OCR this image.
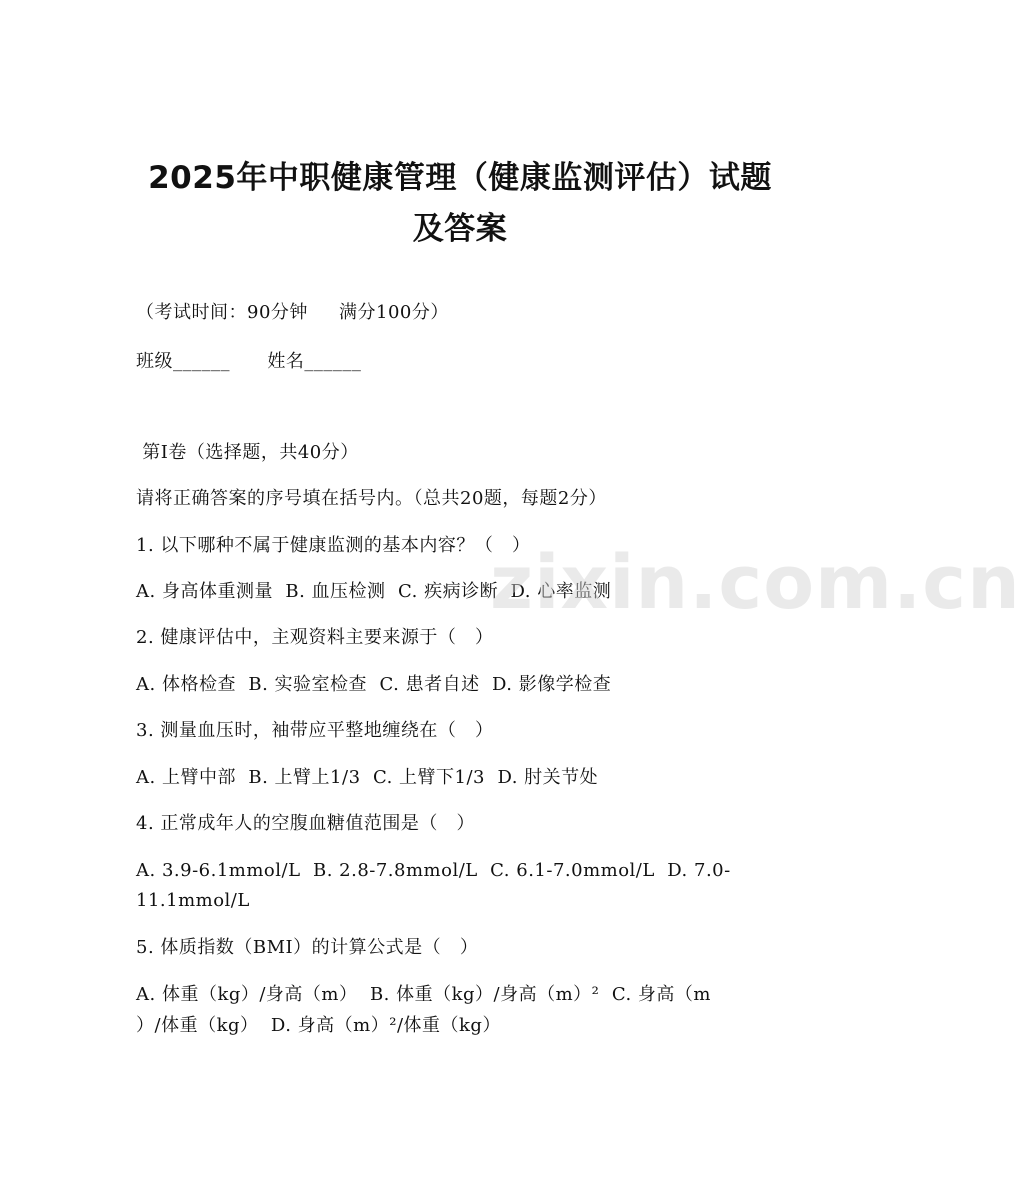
2025年中职健康管理（健康监测评估）试题
及答案
（考试时间：90分钟     满分100分）
班级______      姓名______
第I卷（选择题，共40分）
请将正确答案的序号填在括号内。（总共20题，每题2分）
1. 以下哪种不属于健康监测的基本内容？（   ）
A. 身高体重测量  B. 血压检测  C. 疾病诊断  D. 心率监测
2. 健康评估中，主观资料主要来源于（   ）
A. 体格检查  B. 实验室检查  C. 患者自述  D. 影像学检查
3. 测量血压时，袖带应平整地缠绕在（   ）
A. 上臂中部  B. 上臂上1/3  C. 上臂下1/3  D. 肘关节处
4. 正常成年人的空腹血糖值范围是（   ）
A. 3.9-6.1mmol/L  B. 2.8-7.8mmol/L  C. 6.1-7.0mmol/L  D. 7.0-
11.1mmol/L
5. 体质指数（BMI）的计算公式是（   ）
A. 体重（kg）/身高（m）  B. 体重（kg）/身高（m）²  C. 身高（m
）/体重（kg）  D. 身高（m）²/体重（kg）
zixin.com.cn
